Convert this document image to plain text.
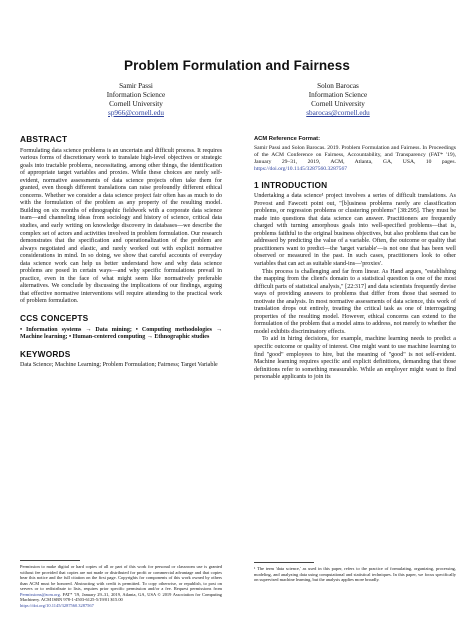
Problem Formulation and Fairness
Samir Passi
Information Science
Cornell University
sp966@cornell.edu
Solon Barocas
Information Science
Cornell University
sbarocas@cornell.edu
ABSTRACT

Formulating data science problems is an uncertain and difficult process. It requires various forms of discretionary work to translate high-level objectives or strategic goals into tractable problems, necessitating, among other things, the identification of appropriate target variables and proxies. While these choices are rarely self-evident, normative assessments of data science projects often take them for granted, even though different translations can raise profoundly different ethical concerns. Whether we consider a data science project fair often has as much to do with the formulation of the problem as any property of the resulting model. Building on six months of ethnographic fieldwork with a corporate data science team—and channeling ideas from sociology and history of science, critical data studies, and early writing on knowledge discovery in databases—we describe the complex set of actors and activities involved in problem formulation. Our research demonstrates that the specification and operationalization of the problem are always negotiated and elastic, and rarely worked out with explicit normative considerations in mind. In so doing, we show that careful accounts of everyday data science work can help us better understand how and why data science problems are posed in certain ways—and why specific formulations prevail in practice, even in the face of what might seem like normatively preferable alternatives. We conclude by discussing the implications of our findings, arguing that effective normative interventions will require attending to the practical work of problem formulation.

CCS CONCEPTS

• Information systems → Data mining; • Computing methodologies → Machine learning; • Human-centered computing → Ethnographic studies

KEYWORDS

Data Science; Machine Learning; Problem Formulation; Fairness; Target Variable

Permission to make digital or hard copies of all or part of this work for personal or classroom use is granted without fee provided that copies are not made or distributed for profit or commercial advantage and that copies bear this notice and the full citation on the first page. Copyrights for components of this work owned by others than ACM must be honored. Abstracting with credit is permitted. To copy otherwise, or republish, to post on servers or to redistribute to lists, requires prior specific permission and/or a fee. Request permissions from Permissions@acm.org. FAT* '19, January 29–31, 2019, Atlanta, GA, USA © 2019 Association for Computing Machinery. ACM ISBN 978-1-4503-6125-5/19/01 $15.00
https://doi.org/10.1145/3287560.3287567
ACM Reference Format:
Samir Passi and Solon Barocas. 2019. Problem Formulation and Fairness. In Proceedings of the ACM Conference on Fairness, Accountability, and Transparency (FAT* '19), January 29–31, 2019, ACM, Atlanta, GA, USA, 10 pages. https://doi.org/10.1145/3287560.3287567
1 INTRODUCTION

Undertaking a data science¹ project involves a series of difficult translations. As Provost and Fawcett point out, "[b]usiness problems rarely are classification problems, or regression problems or clustering problems" [38:295]. They must be made into questions that data science can answer. Practitioners are frequently charged with turning amorphous goals into well-specified problems—that is, problems faithful to the original business objectives, but also problems that can be addressed by predicting the value of a variable. Often, the outcome or quality that practitioners want to predict—the 'target variable'—is not one that has been well observed or measured in the past. In such cases, practitioners look to other variables that can act as suitable stand-ins—'proxies'.

This process is challenging and far from linear. As Hand argues, "establishing the mapping from the client's domain to a statistical question is one of the most difficult parts of statistical analysis," [22:317] and data scientists frequently devise ways of providing answers to problems that differ from those that seemed to motivate the analysis. In most normative assessments of data science, this work of translation drops out entirely, treating the critical task as one of interrogating properties of the resulting model. However, ethical concerns can extend to the formulation of the problem that a model aims to address, not merely to whether the model exhibits discriminatory effects.

To aid in hiring decisions, for example, machine learning needs to predict a specific outcome or quality of interest. One might want to use machine learning to find "good" employees to hire, but the meaning of "good" is not self-evident. Machine learning requires specific and explicit definitions, demanding that those definitions refer to something measurable. While an employer might want to find personable applicants to join its

¹ The term 'data science,' as used in this paper, refers to the practice of formulating, organizing, processing, modeling, and analyzing data using computational and statistical techniques. In this paper, we focus specifically on supervised machine learning, but the analysis applies more broadly.
